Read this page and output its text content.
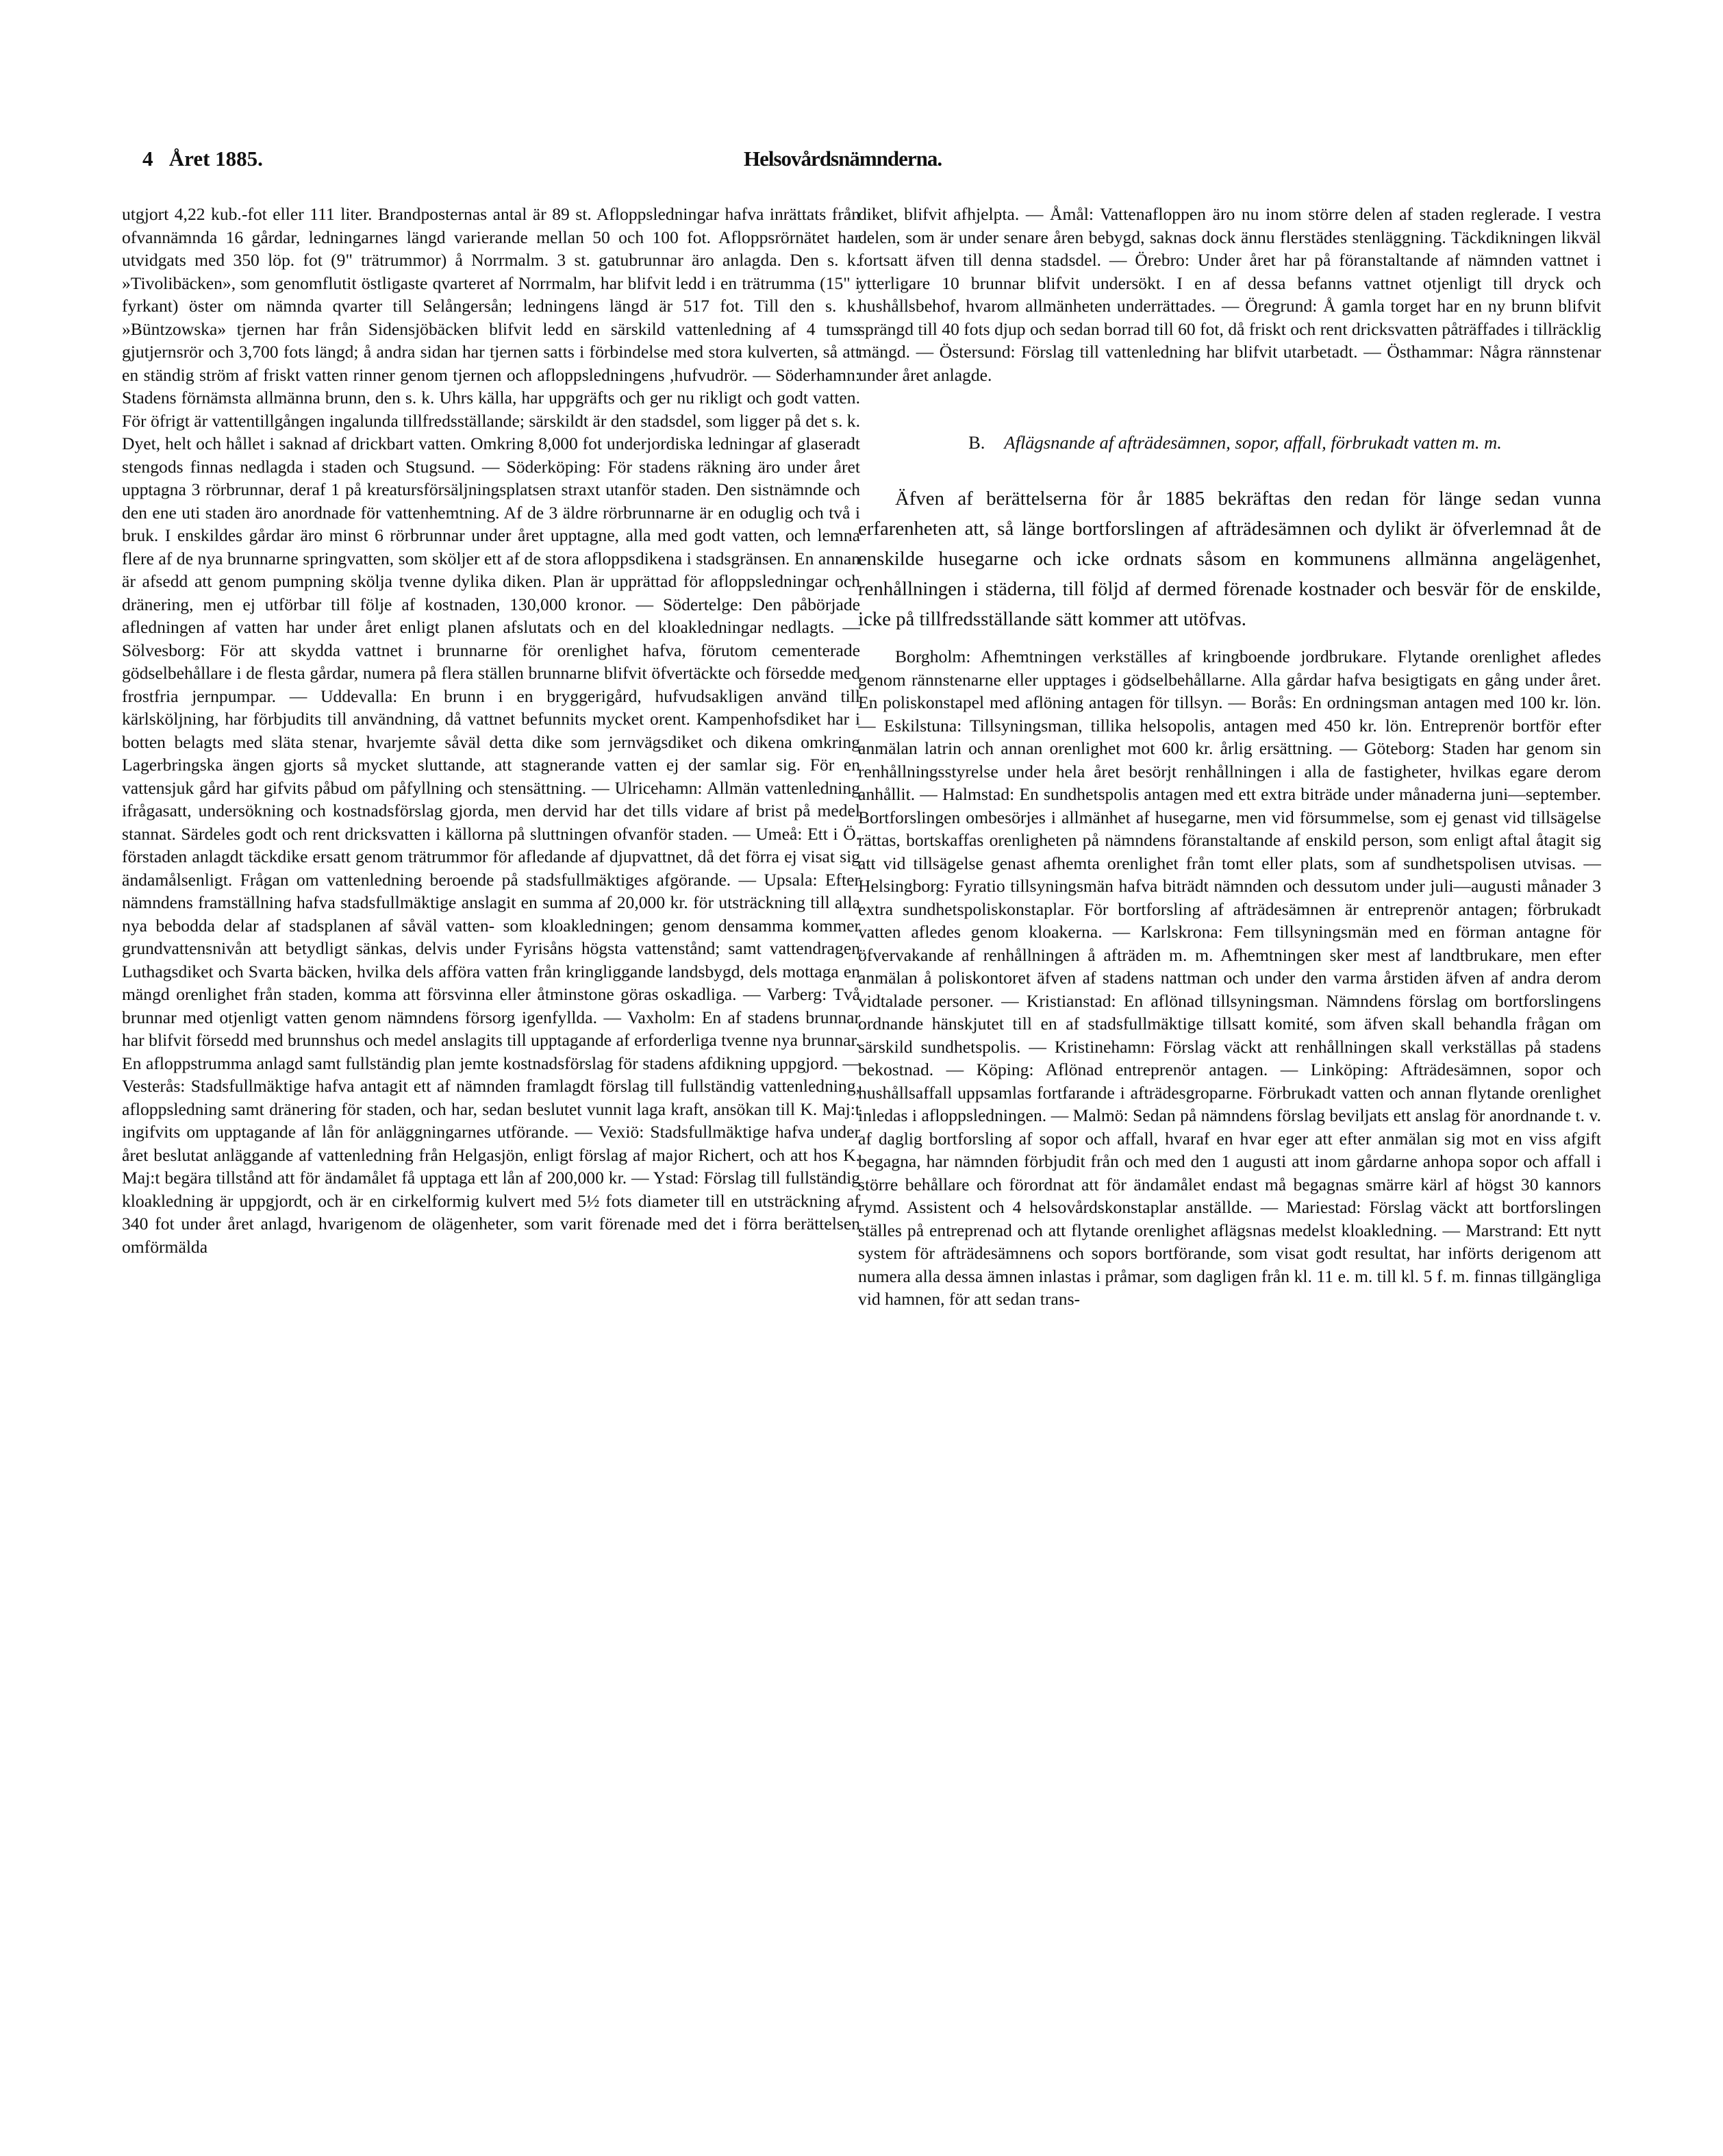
4   Året 1885.	Helsovårdsnämnderna.

utgjort 4,22 kub.-fot eller 111 liter. Brandposternas antal är 89 st. Afloppsledningar hafva inrättats från ofvannämnda 16 gårdar, ledningarnes längd varierande mellan 50 och 100 fot. Afloppsrörnätet har utvidgats med 350 löp. fot (9" trätrummor) å Norrmalm. 3 st. gatubrunnar äro anlagda. Den s. k. »Tivolibäcken», som genomflutit östligaste qvarteret af Norrmalm, har blifvit ledd i en trätrumma (15" i fyrkant) öster om nämnda qvarter till Selångersån; ledningens längd är 517 fot. Till den s. k. »Büntzowska» tjernen har från Sidensjöbäcken blifvit ledd en särskild vattenledning af 4 tums gjutjernsrör och 3,700 fots längd; å andra sidan har tjernen satts i förbindelse med stora kulverten, så att en ständig ström af friskt vatten rinner genom tjernen och afloppsledningens ,hufvudrör. — Söderhamn: Stadens förnämsta allmänna brunn, den s. k. Uhrs källa, har uppgräfts och ger nu rikligt och godt vatten. För öfrigt är vattentillgången ingalunda tillfredsställande; särskildt är den stadsdel, som ligger på det s. k. Dyet, helt och hållet i saknad af drickbart vatten. Omkring 8,000 fot underjordiska ledningar af glaseradt stengods finnas nedlagda i staden och Stugsund. — Söderköping: För stadens räkning äro under året upptagna 3 rörbrunnar, deraf 1 på kreatursförsäljningsplatsen straxt utanför staden. Den sistnämnde och den ene uti staden äro anordnade för vattenhemtning. Af de 3 äldre rörbrunnarne är en oduglig och två i bruk. I enskildes gårdar äro minst 6 rörbrunnar under året upptagne, alla med godt vatten, och lemna flere af de nya brunnarne springvatten, som sköljer ett af de stora afloppsdikena i stadsgränsen. En annan är afsedd att genom pumpning skölja tvenne dylika diken. Plan är upprättad för afloppsledningar och dränering, men ej utförbar till följe af kostnaden, 130,000 kronor. — Södertelge: Den påbörjade afledningen af vatten har under året enligt planen afslutats och en del kloakledningar nedlagts. — Sölvesborg: För att skydda vattnet i brunnarne för orenlighet hafva, förutom cementerade gödselbehållare i de flesta gårdar, numera på flera ställen brunnarne blifvit öfvertäckte och försedde med frostfria jernpumpar. — Uddevalla: En brunn i en bryggerigård, hufvudsakligen använd till kärlsköljning, har förbjudits till användning, då vattnet befunnits mycket orent. Kampenhofsdiket har i botten belagts med släta stenar, hvarjemte såväl detta dike som jernvägsdiket och dikena omkring Lagerbringska ängen gjorts så mycket sluttande, att stagnerande vatten ej der samlar sig. För en vattensjuk gård har gifvits påbud om påfyllning och stensättning. — Ulricehamn: Allmän vattenledning ifrågasatt, undersökning och kostnadsförslag gjorda, men dervid har det tills vidare af brist på medel stannat. Särdeles godt och rent dricksvatten i källorna på sluttningen ofvanför staden. — Umeå: Ett i Ö. förstaden anlagdt täckdike ersatt genom trätrummor för afledande af djupvattnet, då det förra ej visat sig ändamålsenligt. Frågan om vattenledning beroende på stadsfullmäktiges afgörande. — Upsala: Efter nämndens framställning hafva stadsfullmäktige anslagit en summa af 20,000 kr. för utsträckning till alla nya bebodda delar af stadsplanen af såväl vatten- som kloakledningen; genom densamma kommer grundvattensnivån att betydligt sänkas, delvis under Fyrisåns högsta vattenstånd; samt vattendragen Luthagsdiket och Svarta bäcken, hvilka dels afföra vatten från kringliggande landsbygd, dels mottaga en mängd orenlighet från staden, komma att försvinna eller åtminstone göras oskadliga. — Varberg: Två brunnar med otjenligt vatten genom nämndens försorg igenfyllda. — Vaxholm: En af stadens brunnar har blifvit försedd med brunnshus och medel anslagits till upptagande af erforderliga tvenne nya brunnar. En afloppstrumma anlagd samt fullständig plan jemte kostnadsförslag för stadens afdikning uppgjord. — Vesterås: Stadsfullmäktige hafva antagit ett af nämnden framlagdt förslag till fullständig vattenledning, afloppsledning samt dränering för staden, och har, sedan beslutet vunnit laga kraft, ansökan till K. Maj:t ingifvits om upptagande af lån för anläggningarnes utförande. — Vexiö: Stadsfullmäktige hafva under året beslutat anläggande af vattenledning från Helgasjön, enligt förslag af major Richert, och att hos K. Maj:t begära tillstånd att för ändamålet få upptaga ett lån af 200,000 kr. — Ystad: Förslag till fullständig kloakledning är uppgjordt, och är en cirkelformig kulvert med 5½ fots diameter till en utsträckning af 340 fot under året anlagd, hvarigenom de olägenheter, som varit förenade med det i förra berättelsen omförmälda

diket, blifvit afhjelpta. — Åmål: Vattenafloppen äro nu inom större delen af staden reglerade. I vestra delen, som är under senare åren bebygd, saknas dock ännu flerstädes stenläggning. Täckdikningen likväl fortsatt äfven till denna stadsdel. — Örebro: Under året har på föranstaltande af nämnden vattnet i ytterligare 10 brunnar blifvit undersökt. I en af dessa befanns vattnet otjenligt till dryck och hushållsbehof, hvarom allmänheten underrättades. — Öregrund: Å gamla torget har en ny brunn blifvit sprängd till 40 fots djup och sedan borrad till 60 fot, då friskt och rent dricksvatten påträffades i tillräcklig mängd. — Östersund: Förslag till vattenledning har blifvit utarbetadt. — Östhammar: Några rännstenar under året anlagde.

B. Aflägsnande af afträdesämnen, sopor, affall, förbrukadt vatten m. m.

Äfven af berättelserna för år 1885 bekräftas den redan för länge sedan vunna erfarenheten att, så länge bortforslingen af afträdesämnen och dylikt är öfverlemnad åt de enskilde husegarne och icke ordnats såsom en kommunens allmänna angelägenhet, renhållningen i städerna, till följd af dermed förenade kostnader och besvär för de enskilde, icke på tillfredsställande sätt kommer att utöfvas.

Borgholm: Afhemtningen verkställes af kringboende jordbrukare. Flytande orenlighet afledes genom rännstenarne eller upptages i gödselbehållarne. Alla gårdar hafva besigtigats en gång under året. En poliskonstapel med aflöning antagen för tillsyn. — Borås: En ordningsman antagen med 100 kr. lön. — Eskilstuna: Tillsyningsman, tillika helsopolis, antagen med 450 kr. lön. Entreprenör bortför efter anmälan latrin och annan orenlighet mot 600 kr. årlig ersättning. — Göteborg: Staden har genom sin renhållningsstyrelse under hela året besörjt renhållningen i alla de fastigheter, hvilkas egare derom anhållit. — Halmstad: En sundhetspolis antagen med ett extra biträde under månaderna juni—september. Bortforslingen ombesörjes i allmänhet af husegarne, men vid försummelse, som ej genast vid tillsägelse rättas, bortskaffas orenligheten på nämndens föranstaltande af enskild person, som enligt aftal åtagit sig att vid tillsägelse genast afhemta orenlighet från tomt eller plats, som af sundhetspolisen utvisas. — Helsingborg: Fyratio tillsyningsmän hafva biträdt nämnden och dessutom under juli—augusti månader 3 extra sundhetspoliskonstaplar. För bortforsling af afträdesämnen är entreprenör antagen; förbrukadt vatten afledes genom kloakerna. — Karlskrona: Fem tillsyningsmän med en förman antagne för öfvervakande af renhållningen å afträden m. m. Afhemtningen sker mest af landtbrukare, men efter anmälan å poliskontoret äfven af stadens nattman och under den varma årstiden äfven af andra derom vidtalade personer. — Kristianstad: En aflönad tillsyningsman. Nämndens förslag om bortforslingens ordnande hänskjutet till en af stadsfullmäktige tillsatt komité, som äfven skall behandla frågan om särskild sundhetspolis. — Kristinehamn: Förslag väckt att renhållningen skall verkställas på stadens bekostnad. — Köping: Aflönad entreprenör antagen. — Linköping: Afträdesämnen, sopor och hushållsaffall uppsamlas fortfarande i afträdesgroparne. Förbrukadt vatten och annan flytande orenlighet inledas i afloppsledningen. — Malmö: Sedan på nämndens förslag beviljats ett anslag för anordnande t. v. af daglig bortforsling af sopor och affall, hvaraf en hvar eger att efter anmälan sig mot en viss afgift begagna, har nämnden förbjudit från och med den 1 augusti att inom gårdarne anhopa sopor och affall i större behållare och förordnat att för ändamålet endast må begagnas smärre kärl af högst 30 kannors rymd. Assistent och 4 helsovårdskonstaplar anställde. — Mariestad: Förslag väckt att bortforslingen ställes på entreprenad och att flytande orenlighet aflägsnas medelst kloakledning. — Marstrand: Ett nytt system för afträdesämnens och sopors bortförande, som visat godt resultat, har införts derigenom att numera alla dessa ämnen inlastas i pråmar, som dagligen från kl. 11 e. m. till kl. 5 f. m. finnas tillgängliga vid hamnen, för att sedan trans-
